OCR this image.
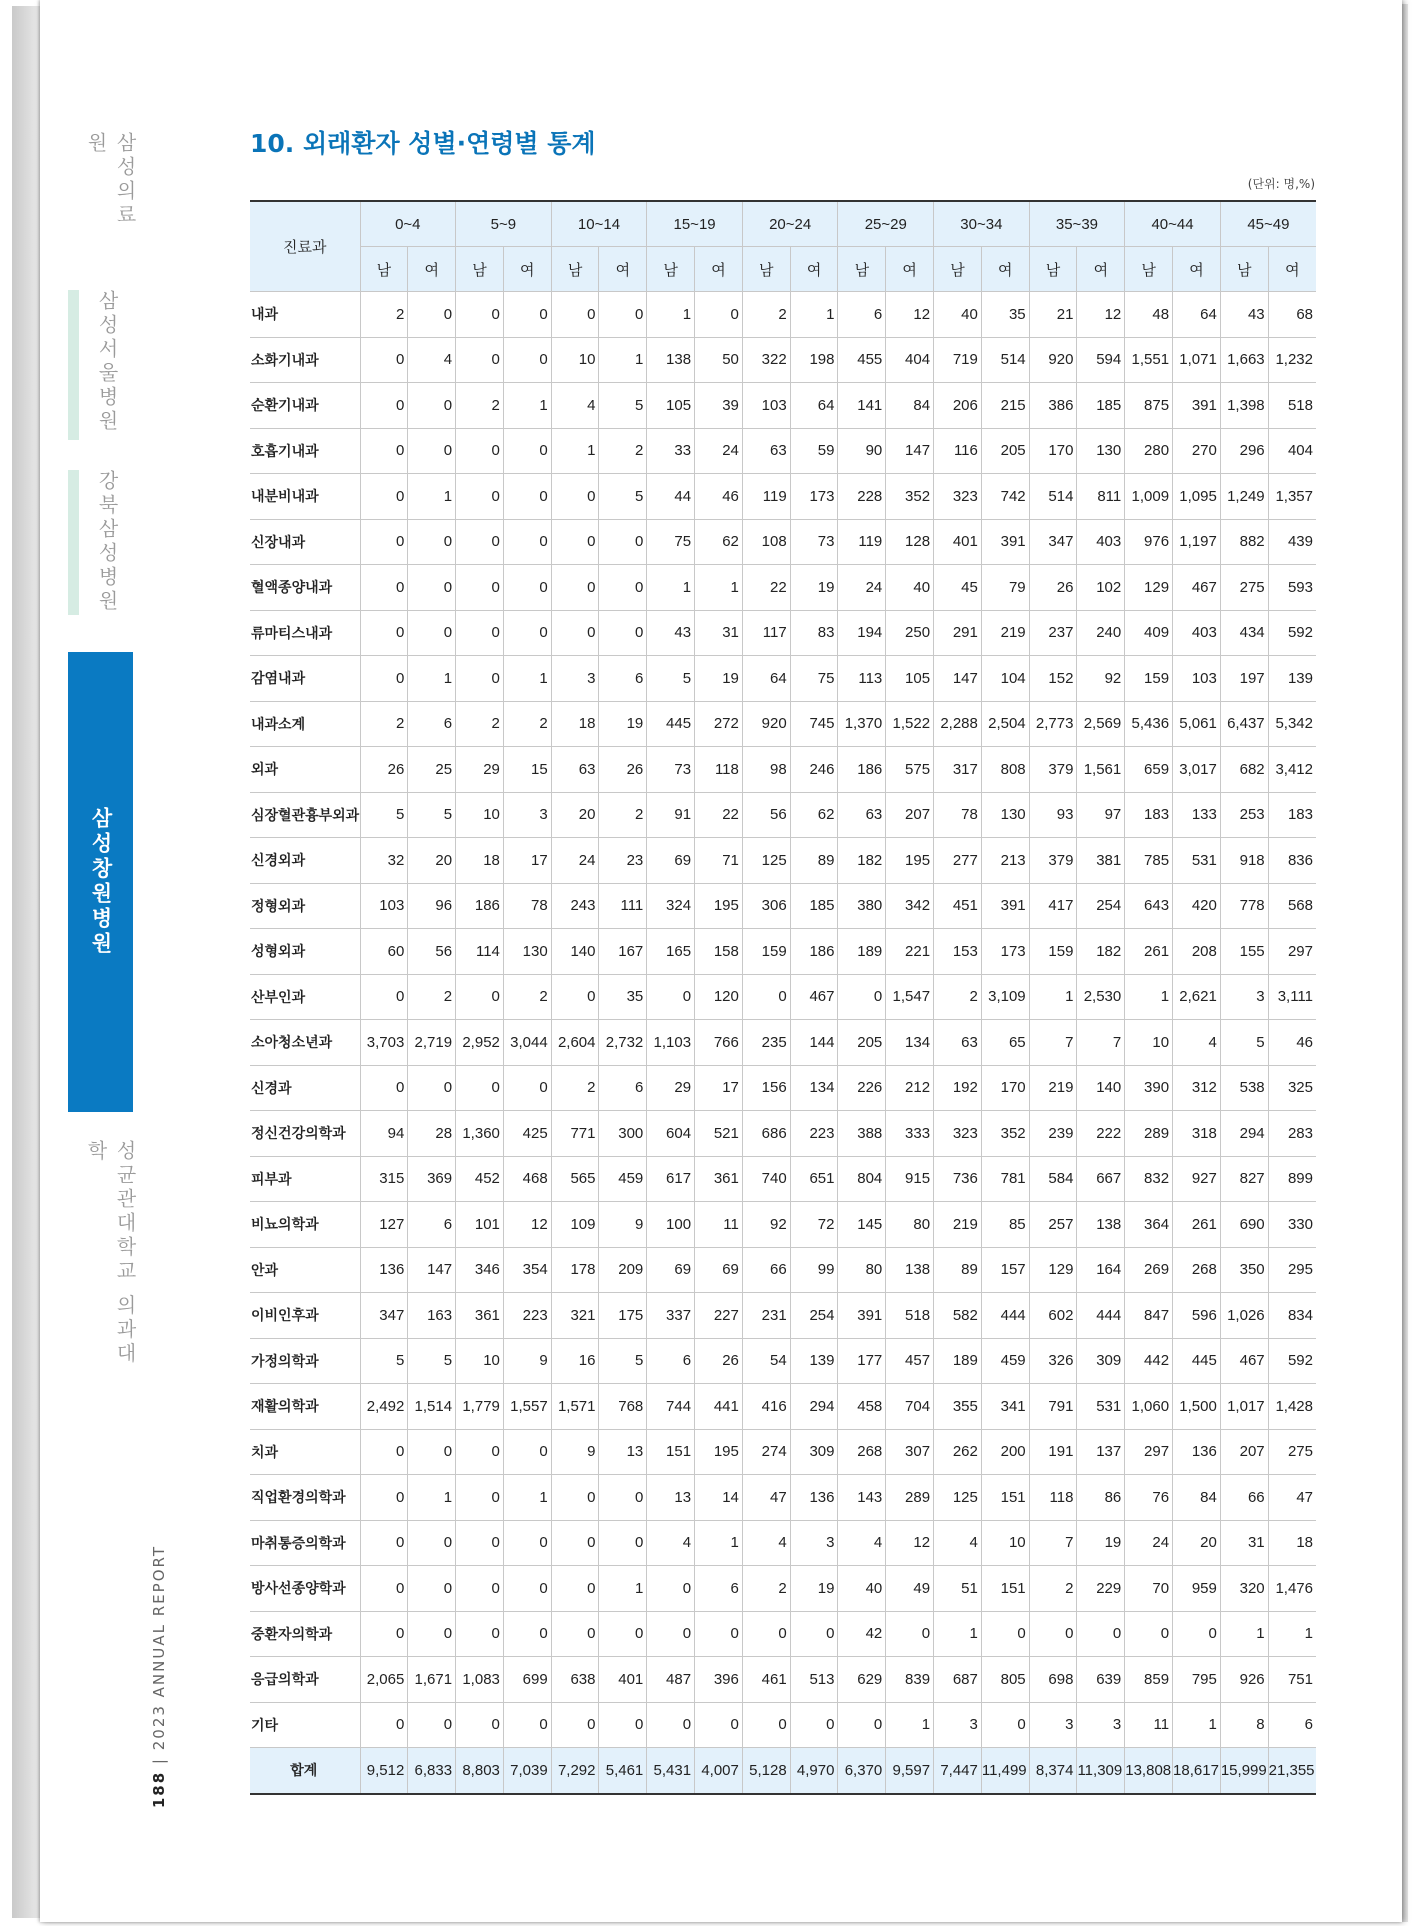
삼성의료원
삼성서울병원
강북삼성병원
삼성창원병원
성균관대학교 의과대학
188 | 2023 ANNUAL REPORT
10. 외래환자 성별·연령별 통계
(단위: 명,%)
진료과	0~4		5~9		10~14		15~19		20~24		25~29		30~34		35~39		40~44		45~49	
	남	여	남	여	남	여	남	여	남	여	남	여	남	여	남	여	남	여	남	여
내과	2	0	0	0	0	0	1	0	2	1	6	12	40	35	21	12	48	64	43	68
소화기내과	0	4	0	0	10	1	138	50	322	198	455	404	719	514	920	594	1,551	1,071	1,663	1,232
순환기내과	0	0	2	1	4	5	105	39	103	64	141	84	206	215	386	185	875	391	1,398	518
호흡기내과	0	0	0	0	1	2	33	24	63	59	90	147	116	205	170	130	280	270	296	404
내분비내과	0	1	0	0	0	5	44	46	119	173	228	352	323	742	514	811	1,009	1,095	1,249	1,357
신장내과	0	0	0	0	0	0	75	62	108	73	119	128	401	391	347	403	976	1,197	882	439
혈액종양내과	0	0	0	0	0	0	1	1	22	19	24	40	45	79	26	102	129	467	275	593
류마티스내과	0	0	0	0	0	0	43	31	117	83	194	250	291	219	237	240	409	403	434	592
감염내과	0	1	0	1	3	6	5	19	64	75	113	105	147	104	152	92	159	103	197	139
내과소계	2	6	2	2	18	19	445	272	920	745	1,370	1,522	2,288	2,504	2,773	2,569	5,436	5,061	6,437	5,342
외과	26	25	29	15	63	26	73	118	98	246	186	575	317	808	379	1,561	659	3,017	682	3,412
심장혈관흉부외과	5	5	10	3	20	2	91	22	56	62	63	207	78	130	93	97	183	133	253	183
신경외과	32	20	18	17	24	23	69	71	125	89	182	195	277	213	379	381	785	531	918	836
정형외과	103	96	186	78	243	111	324	195	306	185	380	342	451	391	417	254	643	420	778	568
성형외과	60	56	114	130	140	167	165	158	159	186	189	221	153	173	159	182	261	208	155	297
산부인과	0	2	0	2	0	35	0	120	0	467	0	1,547	2	3,109	1	2,530	1	2,621	3	3,111
소아청소년과	3,703	2,719	2,952	3,044	2,604	2,732	1,103	766	235	144	205	134	63	65	7	7	10	4	5	46
신경과	0	0	0	0	2	6	29	17	156	134	226	212	192	170	219	140	390	312	538	325
정신건강의학과	94	28	1,360	425	771	300	604	521	686	223	388	333	323	352	239	222	289	318	294	283
피부과	315	369	452	468	565	459	617	361	740	651	804	915	736	781	584	667	832	927	827	899
비뇨의학과	127	6	101	12	109	9	100	11	92	72	145	80	219	85	257	138	364	261	690	330
안과	136	147	346	354	178	209	69	69	66	99	80	138	89	157	129	164	269	268	350	295
이비인후과	347	163	361	223	321	175	337	227	231	254	391	518	582	444	602	444	847	596	1,026	834
가정의학과	5	5	10	9	16	5	6	26	54	139	177	457	189	459	326	309	442	445	467	592
재활의학과	2,492	1,514	1,779	1,557	1,571	768	744	441	416	294	458	704	355	341	791	531	1,060	1,500	1,017	1,428
치과	0	0	0	0	9	13	151	195	274	309	268	307	262	200	191	137	297	136	207	275
직업환경의학과	0	1	0	1	0	0	13	14	47	136	143	289	125	151	118	86	76	84	66	47
마취통증의학과	0	0	0	0	0	0	4	1	4	3	4	12	4	10	7	19	24	20	31	18
방사선종양학과	0	0	0	0	0	1	0	6	2	19	40	49	51	151	2	229	70	959	320	1,476
중환자의학과	0	0	0	0	0	0	0	0	0	0	42	0	1	0	0	0	0	0	1	1
응급의학과	2,065	1,671	1,083	699	638	401	487	396	461	513	629	839	687	805	698	639	859	795	926	751
기타	0	0	0	0	0	0	0	0	0	0	0	1	3	0	3	3	11	1	8	6
합계	9,512	6,833	8,803	7,039	7,292	5,461	5,431	4,007	5,128	4,970	6,370	9,597	7,447	11,499	8,374	11,309	13,808	18,617	15,999	21,355
